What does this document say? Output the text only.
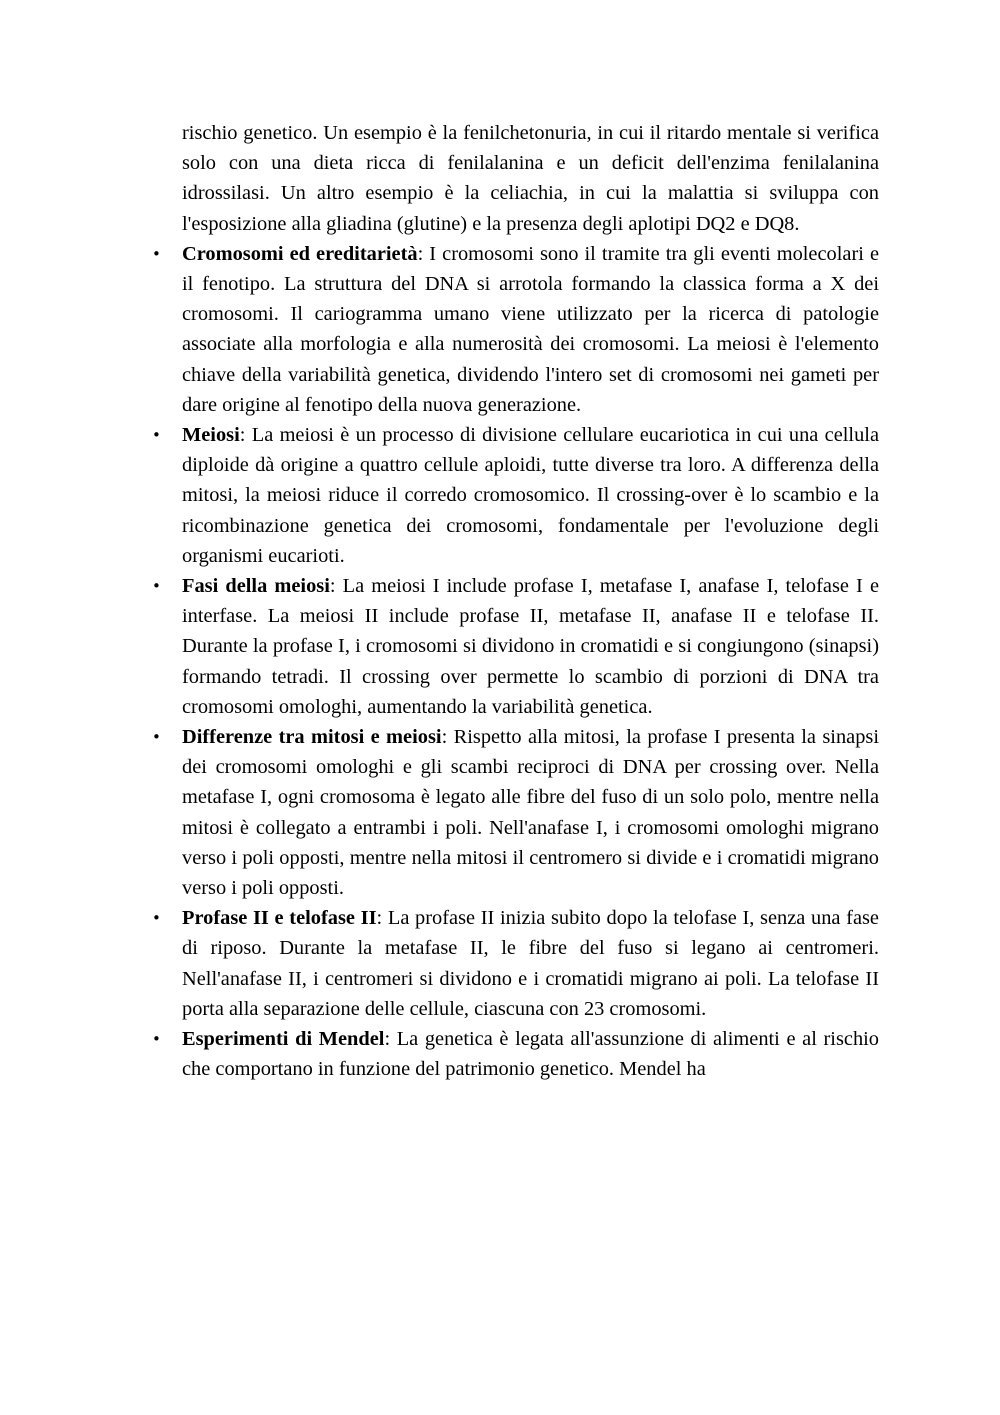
rischio genetico. Un esempio è la fenilchetonuria, in cui il ritardo mentale si verifica solo con una dieta ricca di fenilalanina e un deficit dell'enzima fenilalanina idrossilasi. Un altro esempio è la celiachia, in cui la malattia si sviluppa con l'esposizione alla gliadina (glutine) e la presenza degli aplotipi DQ2 e DQ8.

• Cromosomi ed ereditarietà: I cromosomi sono il tramite tra gli eventi molecolari e il fenotipo. La struttura del DNA si arrotola formando la classica forma a X dei cromosomi. Il cariogramma umano viene utilizzato per la ricerca di patologie associate alla morfologia e alla numerosità dei cromosomi. La meiosi è l'elemento chiave della variabilità genetica, dividendo l'intero set di cromosomi nei gameti per dare origine al fenotipo della nuova generazione.
• Meiosi: La meiosi è un processo di divisione cellulare eucariotica in cui una cellula diploide dà origine a quattro cellule aploidi, tutte diverse tra loro. A differenza della mitosi, la meiosi riduce il corredo cromosomico. Il crossing-over è lo scambio e la ricombinazione genetica dei cromosomi, fondamentale per l'evoluzione degli organismi eucarioti.
• Fasi della meiosi: La meiosi I include profase I, metafase I, anafase I, telofase I e interfase. La meiosi II include profase II, metafase II, anafase II e telofase II. Durante la profase I, i cromosomi si dividono in cromatidi e si congiungono (sinapsi) formando tetradi. Il crossing over permette lo scambio di porzioni di DNA tra cromosomi omologhi, aumentando la variabilità genetica.
• Differenze tra mitosi e meiosi: Rispetto alla mitosi, la profase I presenta la sinapsi dei cromosomi omologhi e gli scambi reciproci di DNA per crossing over. Nella metafase I, ogni cromosoma è legato alle fibre del fuso di un solo polo, mentre nella mitosi è collegato a entrambi i poli. Nell'anafase I, i cromosomi omologhi migrano verso i poli opposti, mentre nella mitosi il centromero si divide e i cromatidi migrano verso i poli opposti.
• Profase II e telofase II: La profase II inizia subito dopo la telofase I, senza una fase di riposo. Durante la metafase II, le fibre del fuso si legano ai centromeri. Nell'anafase II, i centromeri si dividono e i cromatidi migrano ai poli. La telofase II porta alla separazione delle cellule, ciascuna con 23 cromosomi.
• Esperimenti di Mendel: La genetica è legata all'assunzione di alimenti e al rischio che comportano in funzione del patrimonio genetico. Mendel ha
